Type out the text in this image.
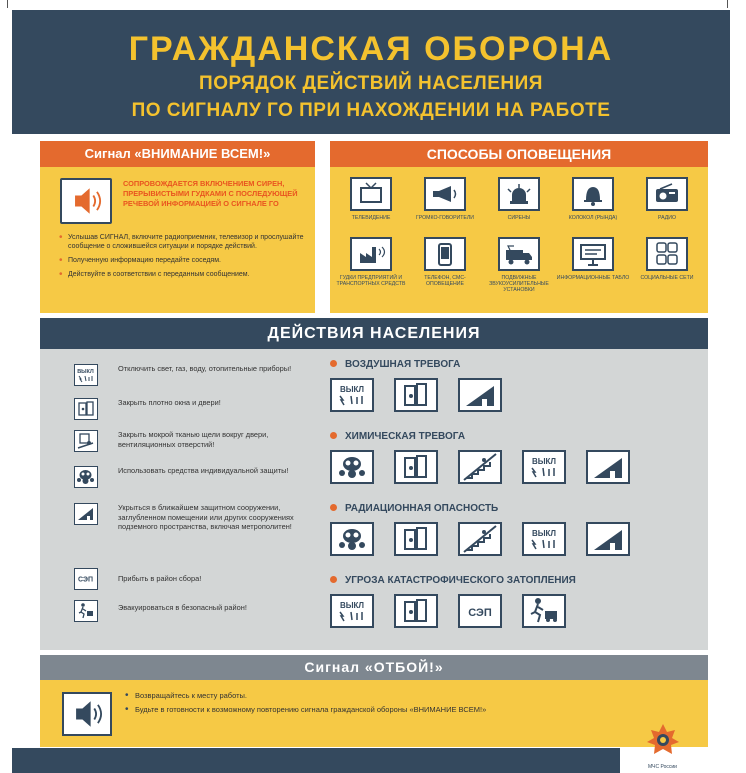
ГРАЖДАНСКАЯ ОБОРОНА
ПОРЯДОК ДЕЙСТВИЙ НАСЕЛЕНИЯ
ПО СИГНАЛУ ГО ПРИ НАХОЖДЕНИИ НА РАБОТЕ
Сигнал «ВНИМАНИЕ ВСЕМ!»
СОПРОВОЖДАЕТСЯ ВКЛЮЧЕНИЕМ СИРЕН, ПРЕРЫВИСТЫМИ ГУДКАМИ С ПОСЛЕДУЮЩЕЙ РЕЧЕВОЙ ИНФОРМАЦИЕЙ О СИГНАЛЕ ГО
• Услышав СИГНАЛ, включите радиоприемник, телевизор и прослушайте сообщение о сложившейся ситуации и порядке действий.
• Полученную информацию передайте соседям.
• Действуйте в соответствии с переданным сообщением.
СПОСОБЫ ОПОВЕЩЕНИЯ
ТЕЛЕВИДЕНИЕ	ГРОМКО-ГОВОРИТЕЛИ	СИРЕНЫ	КОЛОКОЛ (РЫНДА)	РАДИО
ГУДКИ ПРЕДПРИЯТИЙ И ТРАНСПОРТНЫХ СРЕДСТВ
ТЕЛЕФОН, СМС-ОПОВЕЩЕНИЕ
ПОДВИЖНЫЕ ЗВУКОУСИЛИТЕЛЬНЫЕ УСТАНОВКИ
ИНФОРМАЦИОННЫЕ ТАБЛО	СОЦИАЛЬНЫЕ СЕТИ
ДЕЙСТВИЯ НАСЕЛЕНИЯ
ВЫКЛ	Отключить свет, газ, воду, отопительные приборы!
Закрыть плотно окна и двери!
Закрыть мокрой тканью щели вокруг двери, вентиляционных отверстий!
Использовать средства индивидуальной защиты!
Укрыться в ближайшем защитном сооружении, заглубленном помещении или других сооружениях подземного пространства, включая метрополитен!
СЭП	Прибыть в район сбора!
Эвакуироваться в безопасный район!
ВОЗДУШНАЯ ТРЕВОГА
ВЫКЛ
ХИМИЧЕСКАЯ ТРЕВОГА
ВЫКЛ
РАДИАЦИОННАЯ ОПАСНОСТЬ
ВЫКЛ
УГРОЗА КАТАСТРОФИЧЕСКОГО ЗАТОПЛЕНИЯ
ВЫКЛ
СЭП
Сигнал «ОТБОЙ!»
• Возвращайтесь к месту работы.
• Будьте в готовности к возможному повторению сигнала гражданской обороны «ВНИМАНИЕ ВСЕМ!»
МЧС России
